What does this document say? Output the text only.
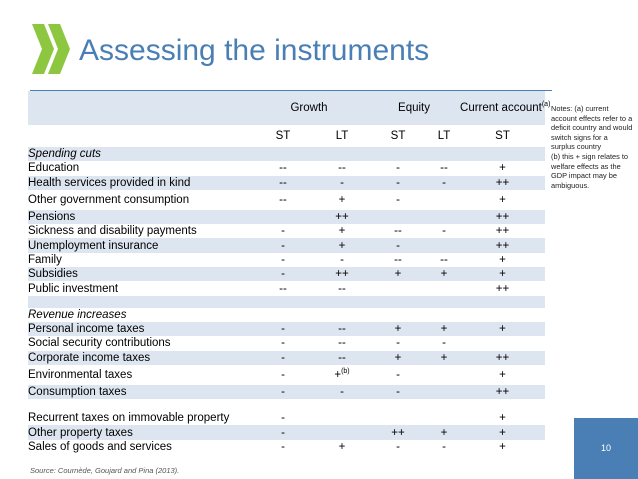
Assessing the instruments
	Growth		Equity		Current account$^{(a)}$
	ST	LT	ST	LT	ST
Spending cuts					
Education	--	--	-	--	+
Health services provided in kind	--	-	-	-	++
Other government consumption	--	+	-		+
Pensions		++			++
Sickness and disability payments	-	+	--	-	++
Unemployment insurance	-	+	-		++
Family	-	-	--	--	+
Subsidies	-	++	+	+	+
Public investment	--	--			++

Revenue increases					
Personal income taxes	-	--	+	+	+
Social security contributions	-	--	-	-	
Corporate income taxes	-	--	+	+	++
Environmental taxes	-	+$^{(b)}$	-		+
Consumption taxes	-	-	-		++

Recurrent taxes on immovable property	-				+
Other property taxes	-		++	+	+
Sales of goods and services	-	+	-	-	+
Notes: (a) current account effects refer to a deficit country and would switch signs for a surplus country
(b) this + sign relates to welfare effects as the GDP impact may be ambiguous.
Source: Cournède, Goujard and Pina (2013).
10
